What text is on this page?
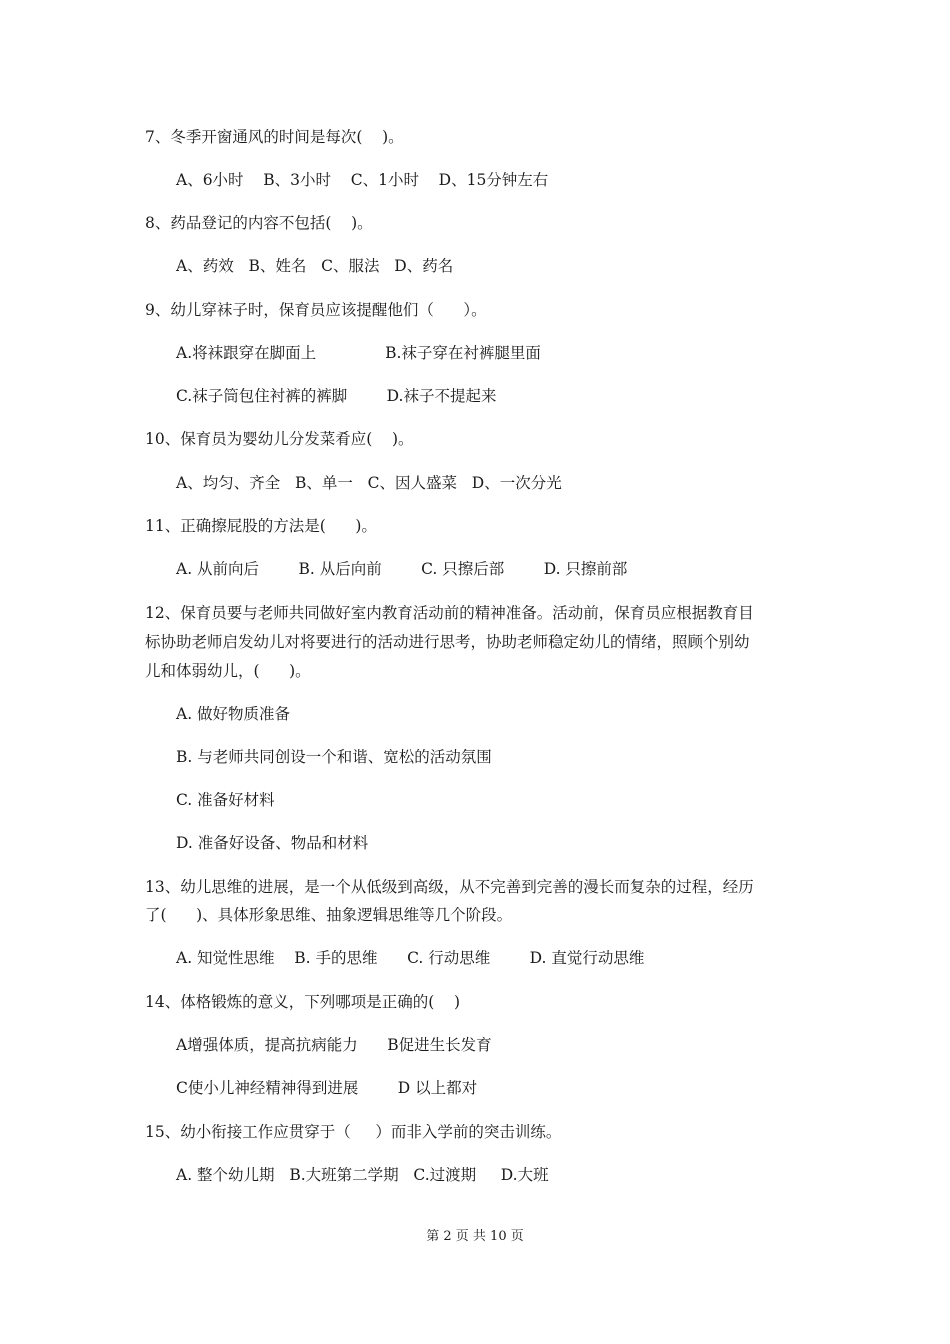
7、冬季开窗通风的时间是每次(    )。
A、6小时    B、3小时    C、1小时    D、15分钟左右
8、药品登记的内容不包括(    )。
A、药效   B、姓名   C、服法   D、药名
9、幼儿穿袜子时，保育员应该提醒他们（      ）。
A.将袜跟穿在脚面上              B.袜子穿在衬裤腿里面
C.袜子筒包住衬裤的裤脚        D.袜子不提起来
10、保育员为婴幼儿分发菜肴应(    )。
A、均匀、齐全   B、单一   C、因人盛菜   D、一次分光
11、正确擦屁股的方法是(      )。
A. 从前向后        B. 从后向前        C. 只擦后部        D. 只擦前部
12、保育员要与老师共同做好室内教育活动前的精神准备。活动前，保育员应根据教育目
标协助老师启发幼儿对将要进行的活动进行思考，协助老师稳定幼儿的情绪，照顾个别幼
儿和体弱幼儿，(      )。
A. 做好物质准备
B. 与老师共同创设一个和谐、宽松的活动氛围
C. 准备好材料
D. 准备好设备、物品和材料
13、幼儿思维的进展，是一个从低级到高级，从不完善到完善的漫长而复杂的过程，经历
了(      )、具体形象思维、抽象逻辑思维等几个阶段。
A. 知觉性思维    B. 手的思维      C. 行动思维        D. 直觉行动思维
14、体格锻炼的意义，下列哪项是正确的(    )
A增强体质，提高抗病能力      B促进生长发育
C使小儿神经精神得到进展        D 以上都对
15、幼小衔接工作应贯穿于（     ）而非入学前的突击训练。
A. 整个幼儿期   B.大班第二学期   C.过渡期     D.大班
第 2 页 共 10 页
